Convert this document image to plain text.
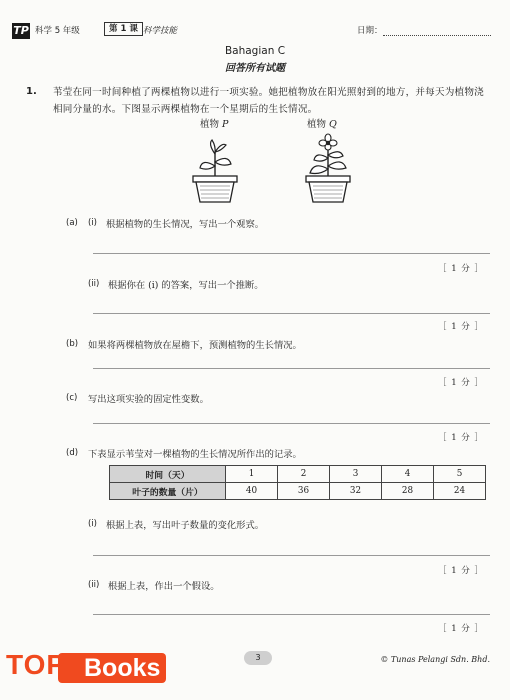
TP 科学 5 年级	第 1 课 科学技能	日期：
Bahagian C
回答所有试题
1. 苇莹在同一时间种植了两棵植物以进行一项实验。她把植物放在阳光照射到的地方，并每天为植物浇相同分量的水。下图显示两棵植物在一个星期后的生长情况。
植物 P	植物 Q
(a) (i) 根据植物的生长情况，写出一个观察。
［ 1 分 ］
(ii) 根据你在 (i) 的答案，写出一个推断。
［ 1 分 ］
(b) 如果将两棵植物放在屋檐下，预测植物的生长情况。
［ 1 分 ］
(c) 写出这项实验的固定性变数。
［ 1 分 ］
(d) 下表显示苇莹对一棵植物的生长情况所作出的记录。
时间（天）	1	2	3	4	5
叶子的数量（片）	40	36	32	28	24
(i) 根据上表，写出叶子数量的变化形式。
［ 1 分 ］
(ii) 根据上表，作出一个假设。
［ 1 分 ］
3	© Tunas Pelangi Sdn. Bhd.
Books
TOP
